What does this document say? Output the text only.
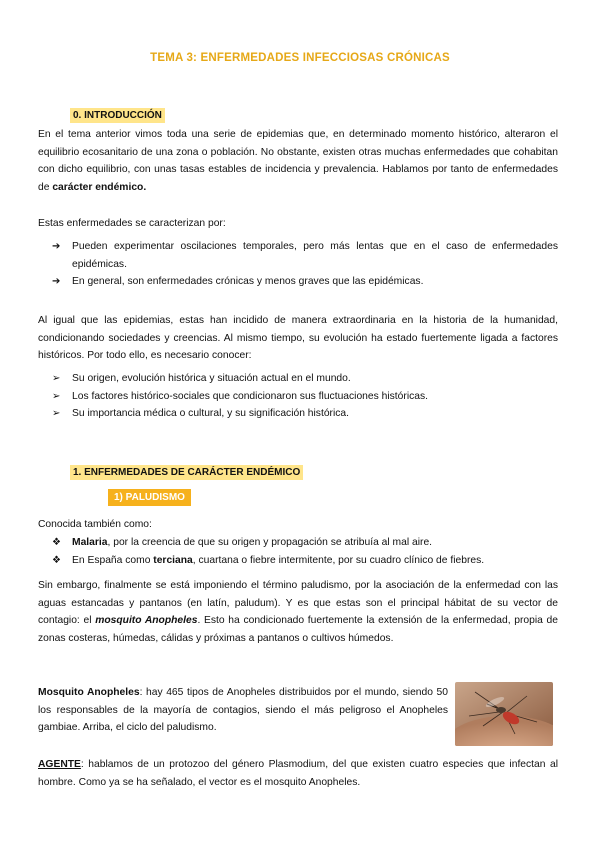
TEMA 3: ENFERMEDADES INFECCIOSAS CRÓNICAS
0. INTRODUCCIÓN

En el tema anterior vimos toda una serie de epidemias que, en determinado momento histórico, alteraron el equilibrio ecosanitario de una zona o población. No obstante, existen otras muchas enfermedades que cohabitan con dicho equilibrio, con unas tasas estables de incidencia y prevalencia. Hablamos por tanto de enfermedades de carácter endémico.

Estas enfermedades se caracterizan por:
➔ Pueden experimentar oscilaciones temporales, pero más lentas que en el caso de enfermedades epidémicas.
➔ En general, son enfermedades crónicas y menos graves que las epidémicas.
Al igual que las epidemias, estas han incidido de manera extraordinaria en la historia de la humanidad, condicionando sociedades y creencias. Al mismo tiempo, su evolución ha estado fuertemente ligada a factores históricos. Por todo ello, es necesario conocer:
➢ Su origen, evolución histórica y situación actual en el mundo.
➢ Los factores histórico-sociales que condicionaron sus fluctuaciones históricas.
➢ Su importancia médica o cultural, y su significación histórica.
1. ENFERMEDADES DE CARÁCTER ENDÉMICO
1) PALUDISMO
Conocida también como:
❖ Malaria, por la creencia de que su origen y propagación se atribuía al mal aire.
❖ En España como terciana, cuartana o fiebre intermitente, por su cuadro clínico de fiebres.

Sin embargo, finalmente se está imponiendo el término paludismo, por la asociación de la enfermedad con las aguas estancadas y pantanos (en latín, paludum). Y es que estas son el principal hábitat de su vector de contagio: el mosquito Anopheles. Esto ha condicionado fuertemente la extensión de la enfermedad, propia de zonas costeras, húmedas, cálidas y próximas a pantanos o cultivos húmedos.

Mosquito Anopheles: hay 465 tipos de Anopheles distribuidos por el mundo, siendo 50 los responsables de la mayoría de contagios, siendo el más peligroso el Anopheles gambiae. Arriba, el ciclo del paludismo.
AGENTE: hablamos de un protozoo del género Plasmodium, del que existen cuatro especies que infectan al hombre. Como ya se ha señalado, el vector es el mosquito Anopheles.
